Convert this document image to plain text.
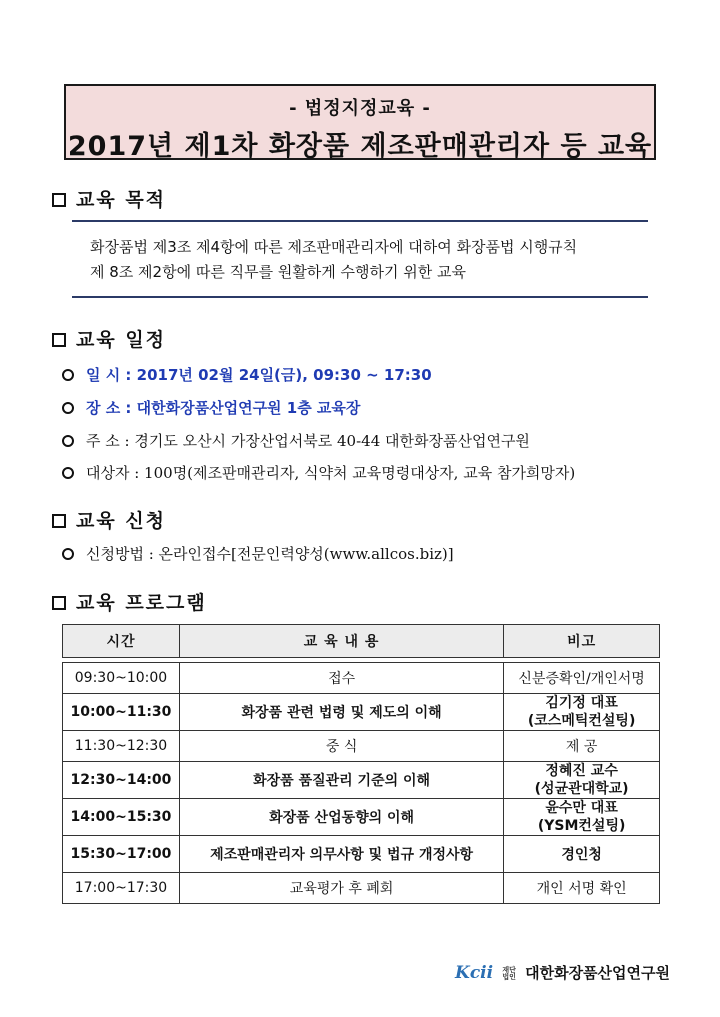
- 법정지정교육 -
2017년 제1차 화장품 제조판매관리자 등 교육
교육 목적

화장품법 제3조 제4항에 따른 제조판매관리자에 대하여 화장품법 시행규칙
제 8조 제2항에 따른 직무를 원활하게 수행하기 위한 교육

교육 일정
일 시 : 2017년 02월 24일(금), 09:30 ~ 17:30
장 소 : 대한화장품산업연구원 1층 교육장
주 소 : 경기도 오산시 가장산업서북로 40-44 대한화장품산업연구원
대상자 : 100명(제조판매관리자, 식약처 교육명령대상자, 교육 참가희망자)
교육 신청
신청방법 : 온라인접수[전문인력양성(www.allcos.biz)]
교육 프로그램
시간	교 육 내 용	비고

09:30~10:00	접수	신분증확인/개인서명
10:00~11:30	화장품 관련 법령 및 제도의 이해	김기정 대표
(코스메틱컨설팅)
11:30~12:30	중 식	제 공
12:30~14:00	화장품 품질관리 기준의 이해	정혜진 교수
(성균관대학교)
14:00~15:30	화장품 산업동향의 이해	윤수만 대표
(YSM컨설팅)
15:30~17:00	제조판매관리자 의무사항 및 법규 개정사항	경인청
17:00~17:30	교육평가 후 폐회	개인 서명 확인
Kcii 재단
법인 대한화장품산업연구원
